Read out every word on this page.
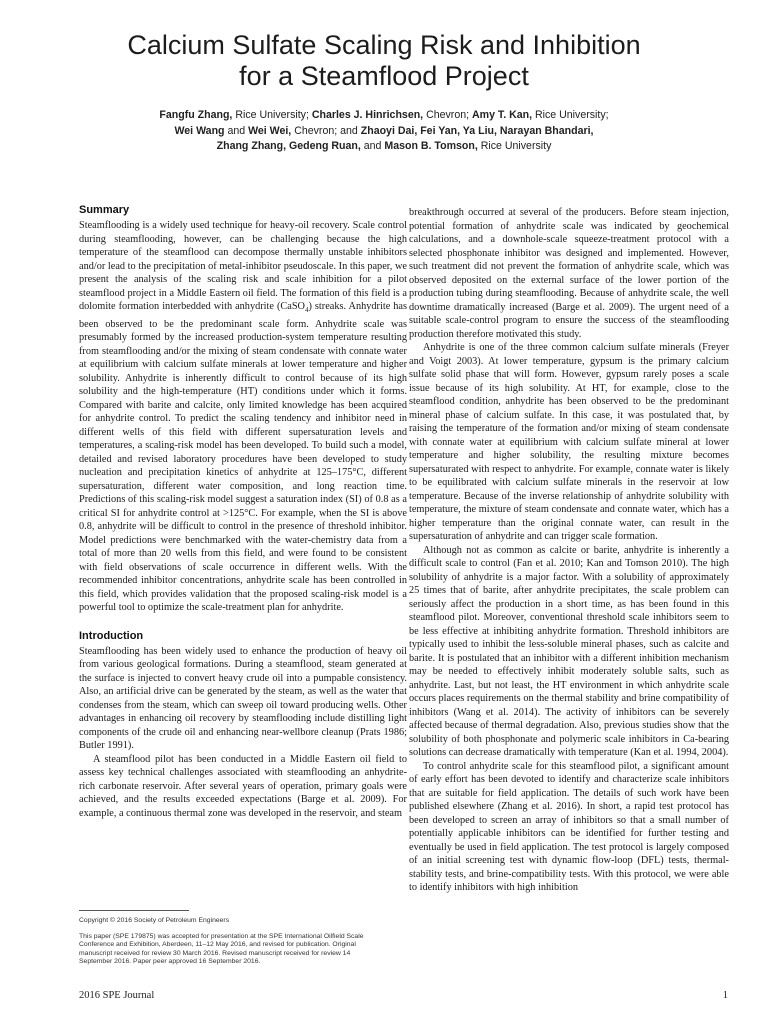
Calcium Sulfate Scaling Risk and Inhibition
for a Steamflood Project
Fangfu Zhang, Rice University; Charles J. Hinrichsen, Chevron; Amy T. Kan, Rice University;
Wei Wang and Wei Wei, Chevron; and Zhaoyi Dai, Fei Yan, Ya Liu, Narayan Bhandari,
Zhang Zhang, Gedeng Ruan, and Mason B. Tomson, Rice University
Summary

Steamflooding is a widely used technique for heavy-oil recovery. Scale control during steamflooding, however, can be challenging because the high temperature of the steamflood can decompose thermally unstable inhibitors and/or lead to the precipitation of metal-inhibitor pseudoscale. In this paper, we present the analysis of the scaling risk and scale inhibition for a pilot steamflood project in a Middle Eastern oil field. The formation of this field is a dolomite formation interbedded with anhydrite (CaSO$_4$) streaks. Anhydrite has been observed to be the predominant scale form. Anhydrite scale was presumably formed by the increased production-system temperature resulting from steamflooding and/or the mixing of steam condensate with connate water at equilibrium with calcium sulfate minerals at lower temperature and higher solubility. Anhydrite is inherently difficult to control because of its high solubility and the high-temperature (HT) conditions under which it forms. Compared with barite and calcite, only limited knowledge has been acquired for anhydrite control. To predict the scaling tendency and inhibitor need in different wells of this field with different supersaturation levels and temperatures, a scaling-risk model has been developed. To build such a model, detailed and revised laboratory procedures have been developed to study nucleation and precipitation kinetics of anhydrite at 125–175°C, different supersaturation, different water composition, and long reaction time. Predictions of this scaling-risk model suggest a saturation index (SI) of 0.8 as a critical SI for anhydrite control at >125°C. For example, when the SI is above 0.8, anhydrite will be difficult to control in the presence of threshold inhibitor. Model predictions were benchmarked with the water-chemistry data from a total of more than 20 wells from this field, and were found to be consistent with field observations of scale occurrence in different wells. With the recommended inhibitor concentrations, anhydrite scale has been controlled in this field, which provides validation that the proposed scaling-risk model is a powerful tool to optimize the scale-treatment plan for anhydrite.

Introduction

Steamflooding has been widely used to enhance the production of heavy oil from various geological formations. During a steamflood, steam generated at the surface is injected to convert heavy crude oil into a pumpable consistency. Also, an artificial drive can be generated by the steam, as well as the water that condenses from the steam, which can sweep oil toward producing wells. Other advantages in enhancing oil recovery by steamflooding include distilling light components of the crude oil and enhancing near-wellbore cleanup (Prats 1986; Butler 1991).

A steamflood pilot has been conducted in a Middle Eastern oil field to assess key technical challenges associated with steamflooding an anhydrite-rich carbonate reservoir. After several years of operation, primary goals were achieved, and the results exceeded expectations (Barge et al. 2009). For example, a continuous thermal zone was developed in the reservoir, and steam

breakthrough occurred at several of the producers. Before steam injection, potential formation of anhydrite scale was indicated by geochemical calculations, and a downhole-scale squeeze-treatment protocol with a selected phosphonate inhibitor was designed and implemented. However, such treatment did not prevent the formation of anhydrite scale, which was observed deposited on the external surface of the lower portion of the production tubing during steamflooding. Because of anhydrite scale, the well downtime dramatically increased (Barge et al. 2009). The urgent need of a suitable scale-control program to ensure the success of the steamflooding production therefore motivated this study.

Anhydrite is one of the three common calcium sulfate minerals (Freyer and Voigt 2003). At lower temperature, gypsum is the primary calcium sulfate solid phase that will form. However, gypsum rarely poses a scale issue because of its high solubility. At HT, for example, close to the steamflood condition, anhydrite has been observed to be the predominant mineral phase of calcium sulfate. In this case, it was postulated that, by raising the temperature of the formation and/or mixing of steam condensate with connate water at equilibrium with calcium sulfate mineral at lower temperature and higher solubility, the resulting mixture becomes supersaturated with respect to anhydrite. For example, connate water is likely to be equilibrated with calcium sulfate minerals in the reservoir at low temperature. Because of the inverse relationship of anhydrite solubility with temperature, the mixture of steam condensate and connate water, which has a higher temperature than the original connate water, can result in the supersaturation of anhydrite and can trigger scale formation.

Although not as common as calcite or barite, anhydrite is inherently a difficult scale to control (Fan et al. 2010; Kan and Tomson 2010). The high solubility of anhydrite is a major factor. With a solubility of approximately 25 times that of barite, after anhydrite precipitates, the scale problem can seriously affect the production in a short time, as has been found in this steamflood pilot. Moreover, conventional threshold scale inhibitors seem to be less effective at inhibiting anhydrite formation. Threshold inhibitors are typically used to inhibit the less-soluble mineral phases, such as calcite and barite. It is postulated that an inhibitor with a different inhibition mechanism may be needed to effectively inhibit moderately soluble salts, such as anhydrite. Last, but not least, the HT environment in which anhydrite scale occurs places requirements on the thermal stability and brine compatibility of inhibitors (Wang et al. 2014). The activity of inhibitors can be severely affected because of thermal degradation. Also, previous studies show that the solubility of both phosphonate and polymeric scale inhibitors in Ca-bearing solutions can decrease dramatically with temperature (Kan et al. 1994, 2004).

To control anhydrite scale for this steamflood pilot, a significant amount of early effort has been devoted to identify and characterize scale inhibitors that are suitable for field application. The details of such work have been published elsewhere (Zhang et al. 2016). In short, a rapid test protocol has been developed to screen an array of inhibitors so that a small number of potentially applicable inhibitors can be identified for further testing and eventually be used in field application. The test protocol is largely composed of an initial screening test with dynamic flow-loop (DFL) tests, thermal-stability tests, and brine-compatibility tests. With this protocol, we were able to identify inhibitors with high inhibition

Copyright © 2016 Society of Petroleum Engineers

This paper (SPE 179875) was accepted for presentation at the SPE International Oilfield Scale Conference and Exhibition, Aberdeen, 11–12 May 2016, and revised for publication. Original manuscript received for review 30 March 2016. Revised manuscript received for review 14 September 2016. Paper peer approved 16 September 2016.

2016 SPE Journal	1
